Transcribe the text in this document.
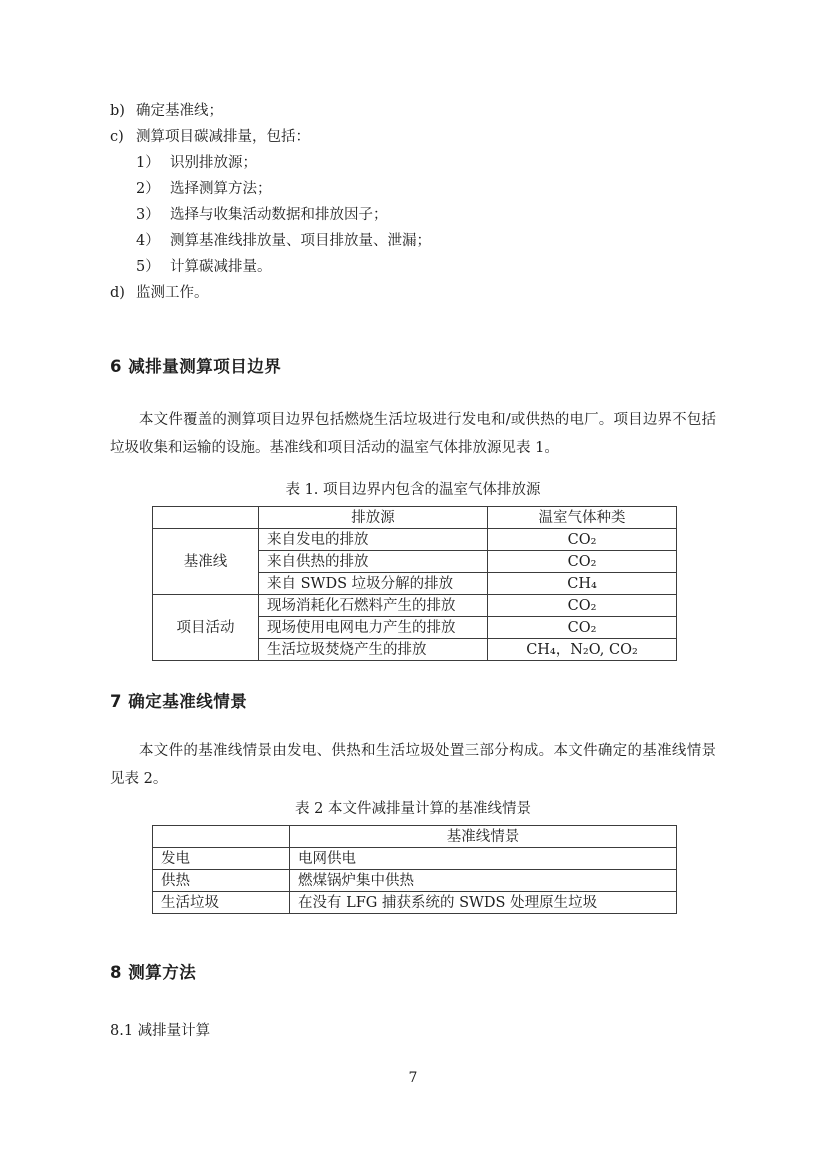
b) 确定基准线；
c) 测算项目碳减排量，包括：
1） 识别排放源；
2） 选择测算方法；
3） 选择与收集活动数据和排放因子；
4） 测算基准线排放量、项目排放量、泄漏；
5） 计算碳减排量。
d) 监测工作。
6 减排量测算项目边界

本文件覆盖的测算项目边界包括燃烧生活垃圾进行发电和/或供热的电厂。项目边界不包括垃圾收集和运输的设施。基准线和项目活动的温室气体排放源见表 1。

表 1. 项目边界内包含的温室气体排放源
	排放源	温室气体种类
基准线	来自发电的排放	CO₂
	来自供热的排放	CO₂
	来自 SWDS 垃圾分解的排放	CH₄
项目活动	现场消耗化石燃料产生的排放	CO₂
	现场使用电网电力产生的排放	CO₂
	生活垃圾焚烧产生的排放	CH₄，N₂O, CO₂
7 确定基准线情景

本文件的基准线情景由发电、供热和生活垃圾处置三部分构成。本文件确定的基准线情景见表 2。

表 2 本文件减排量计算的基准线情景
	基准线情景
发电	电网供电
供热	燃煤锅炉集中供热
生活垃圾	在没有 LFG 捕获系统的 SWDS 处理原生垃圾
8 测算方法
8.1 减排量计算
7
